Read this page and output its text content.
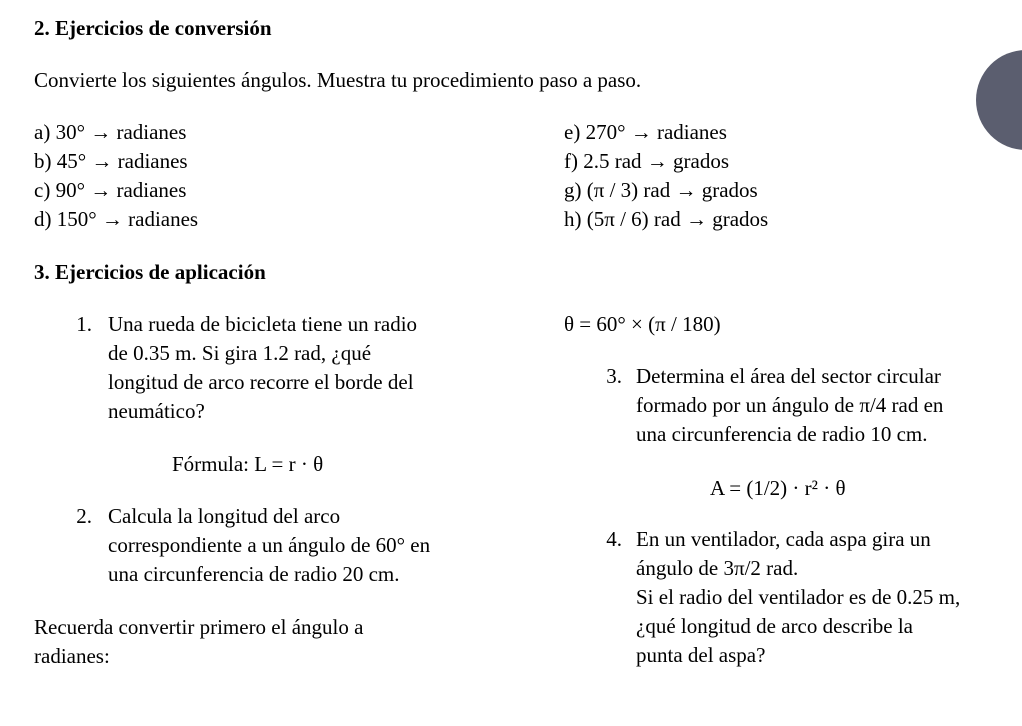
2. Ejercicios de conversión
Convierte los siguientes ángulos. Muestra tu procedimiento paso a paso.
a) 30° → radianes
b) 45° → radianes
c) 90° → radianes
d) 150° → radianes
e) 270° → radianes
f) 2.5 rad → grados
g) (π / 3) rad → grados
h) (5π / 6) rad → grados
3. Ejercicios de aplicación
1. Una rueda de bicicleta tiene un radio
de 0.35 m. Si gira 1.2 rad, ¿qué
longitud de arco recorre el borde del
neumático?
Fórmula: L = r · θ
2. Calcula la longitud del arco
correspondiente a un ángulo de 60° en
una circunferencia de radio 20 cm.
Recuerda convertir primero el ángulo a
radianes:
θ = 60° × (π / 180)
3. Determina el área del sector circular
formado por un ángulo de π/4 rad en
una circunferencia de radio 10 cm.
A = (1/2) · r² · θ
4. En un ventilador, cada aspa gira un
ángulo de 3π/2 rad.
Si el radio del ventilador es de 0.25 m,
¿qué longitud de arco describe la
punta del aspa?
